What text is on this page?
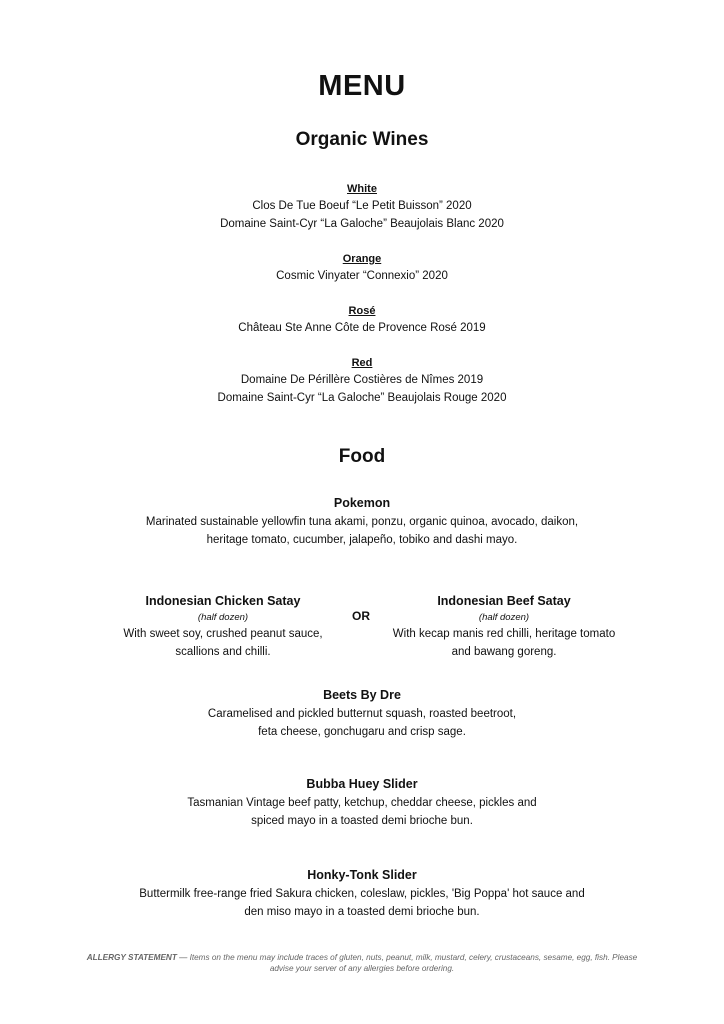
MENU
Organic Wines
White
Clos De Tue Boeuf “Le Petit Buisson” 2020
Domaine Saint-Cyr “La Galoche” Beaujolais Blanc 2020
Orange
Cosmic Vinyater “Connexio” 2020
Rosé
Château Ste Anne Côte de Provence Rosé 2019
Red
Domaine De Périllère Costières de Nîmes 2019
Domaine Saint-Cyr “La Galoche” Beaujolais Rouge 2020
Food
Pokemon
Marinated sustainable yellowfin tuna akami, ponzu, organic quinoa, avocado, daikon,
heritage tomato, cucumber, jalapeño, tobiko and dashi mayo.
Indonesian Chicken Satay
(half dozen)
With sweet soy, crushed peanut sauce,
scallions and chilli.
OR
Indonesian Beef Satay
(half dozen)
With kecap manis red chilli, heritage tomato
and bawang goreng.
Beets By Dre
Caramelised and pickled butternut squash, roasted beetroot,
feta cheese, gonchugaru and crisp sage.
Bubba Huey Slider
Tasmanian Vintage beef patty, ketchup, cheddar cheese, pickles and
spiced mayo in a toasted demi brioche bun.
Honky-Tonk Slider
Buttermilk free-range fried Sakura chicken, coleslaw, pickles, 'Big Poppa' hot sauce and
den miso mayo in a toasted demi brioche bun.
ALLERGY STATEMENT — Items on the menu may include traces of gluten, nuts, peanut, milk, mustard, celery, crustaceans, sesame, egg, fish. Please
advise your server of any allergies before ordering.
